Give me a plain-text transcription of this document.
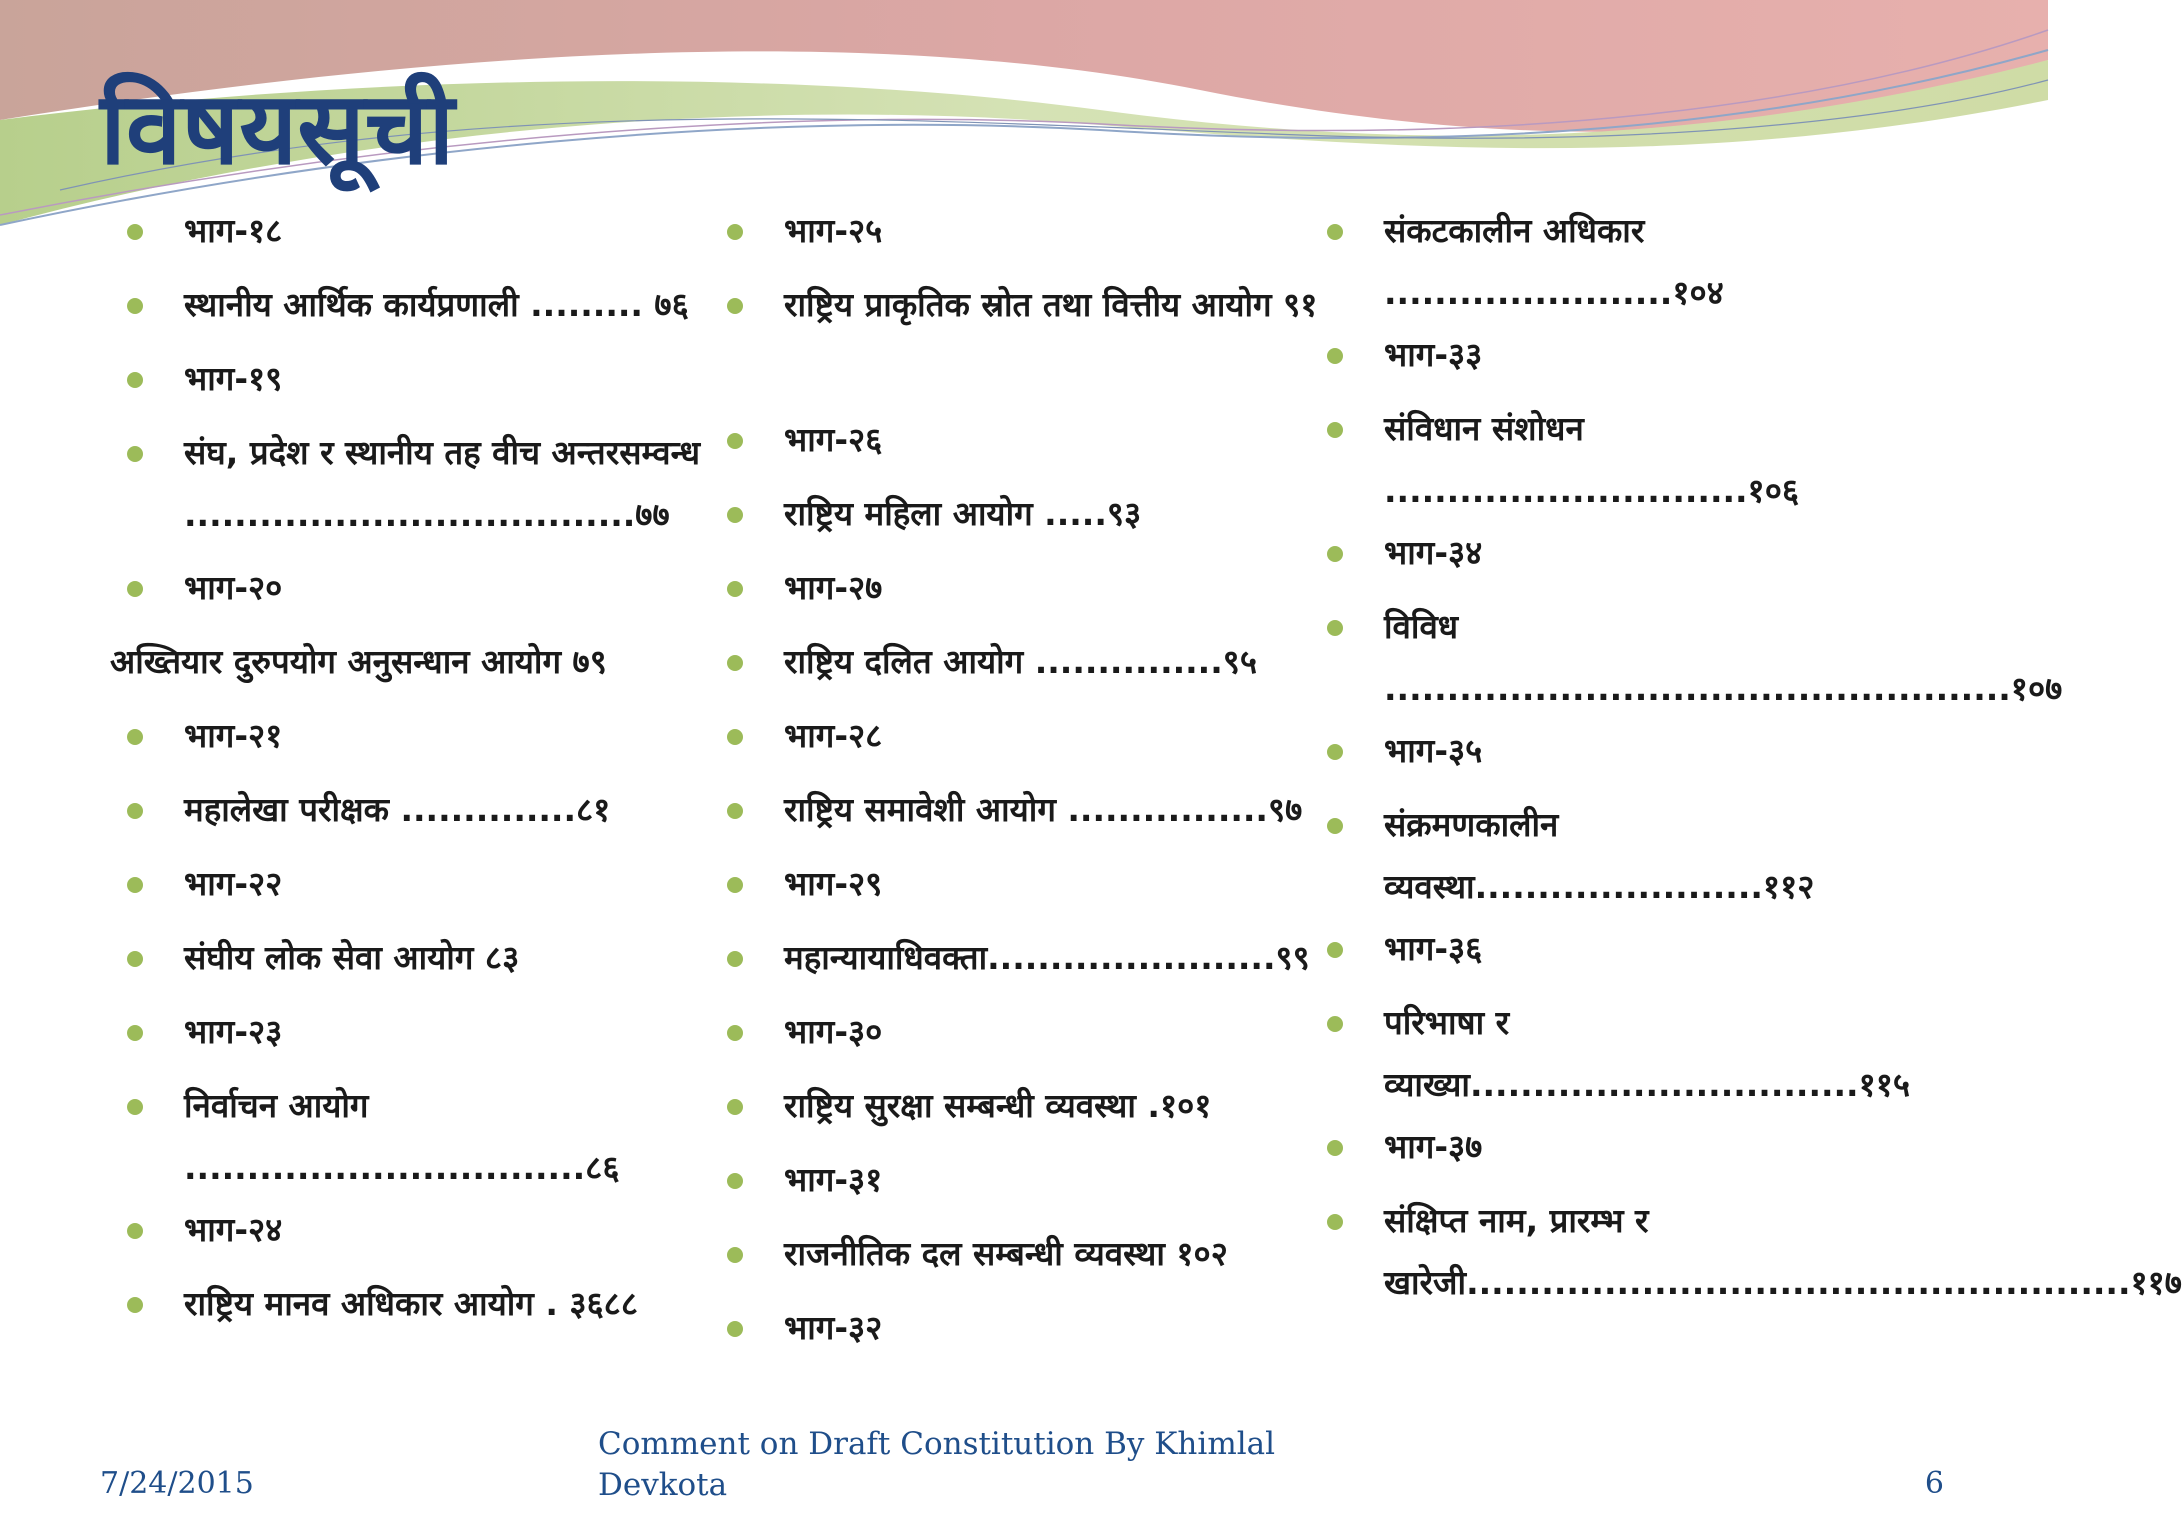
विषयसूची
भाग-१८
स्थानीय आर्थिक कार्यप्रणाली ......... ७६
भाग-१९
संघ, प्रदेश र स्थानीय तह वीच अन्तरसम्वन्ध ....................................७७
भाग-२०
अख्तियार दुरुपयोग अनुसन्धान आयोग ७९
भाग-२१
महालेखा परीक्षक ..............८१
भाग-२२
संघीय लोक सेवा आयोग ८३
भाग-२३
निर्वाचन आयोग ................................८६
भाग-२४
राष्ट्रिय मानव अधिकार आयोग . ३६८८
भाग-२५
राष्ट्रिय प्राकृतिक स्रोत तथा वित्तीय आयोग ९१
भाग-२६
राष्ट्रिय महिला आयोग .....९३
भाग-२७
राष्ट्रिय दलित आयोग ...............९५
भाग-२८
राष्ट्रिय समावेशी आयोग ................९७
भाग-२९
महान्यायाधिवक्ता.......................९९
भाग-३०
राष्ट्रिय सुरक्षा सम्बन्धी व्यवस्था .१०१
भाग-३१
राजनीतिक दल सम्बन्धी व्यवस्था १०२
भाग-३२
संकटकालीन अधिकार .......................१०४
भाग-३३
संविधान संशोधन .............................१०६
भाग-३४
विविध ..................................................१०७
भाग-३५
संक्रमणकालीन व्यवस्था.......................११२
भाग-३६
परिभाषा र व्याख्या...............................११५
भाग-३७
संक्षिप्त नाम, प्रारम्भ र खारेजी.....................................................११७
7/24/2015
Comment on Draft Constitution By Khimlal Devkota	6
